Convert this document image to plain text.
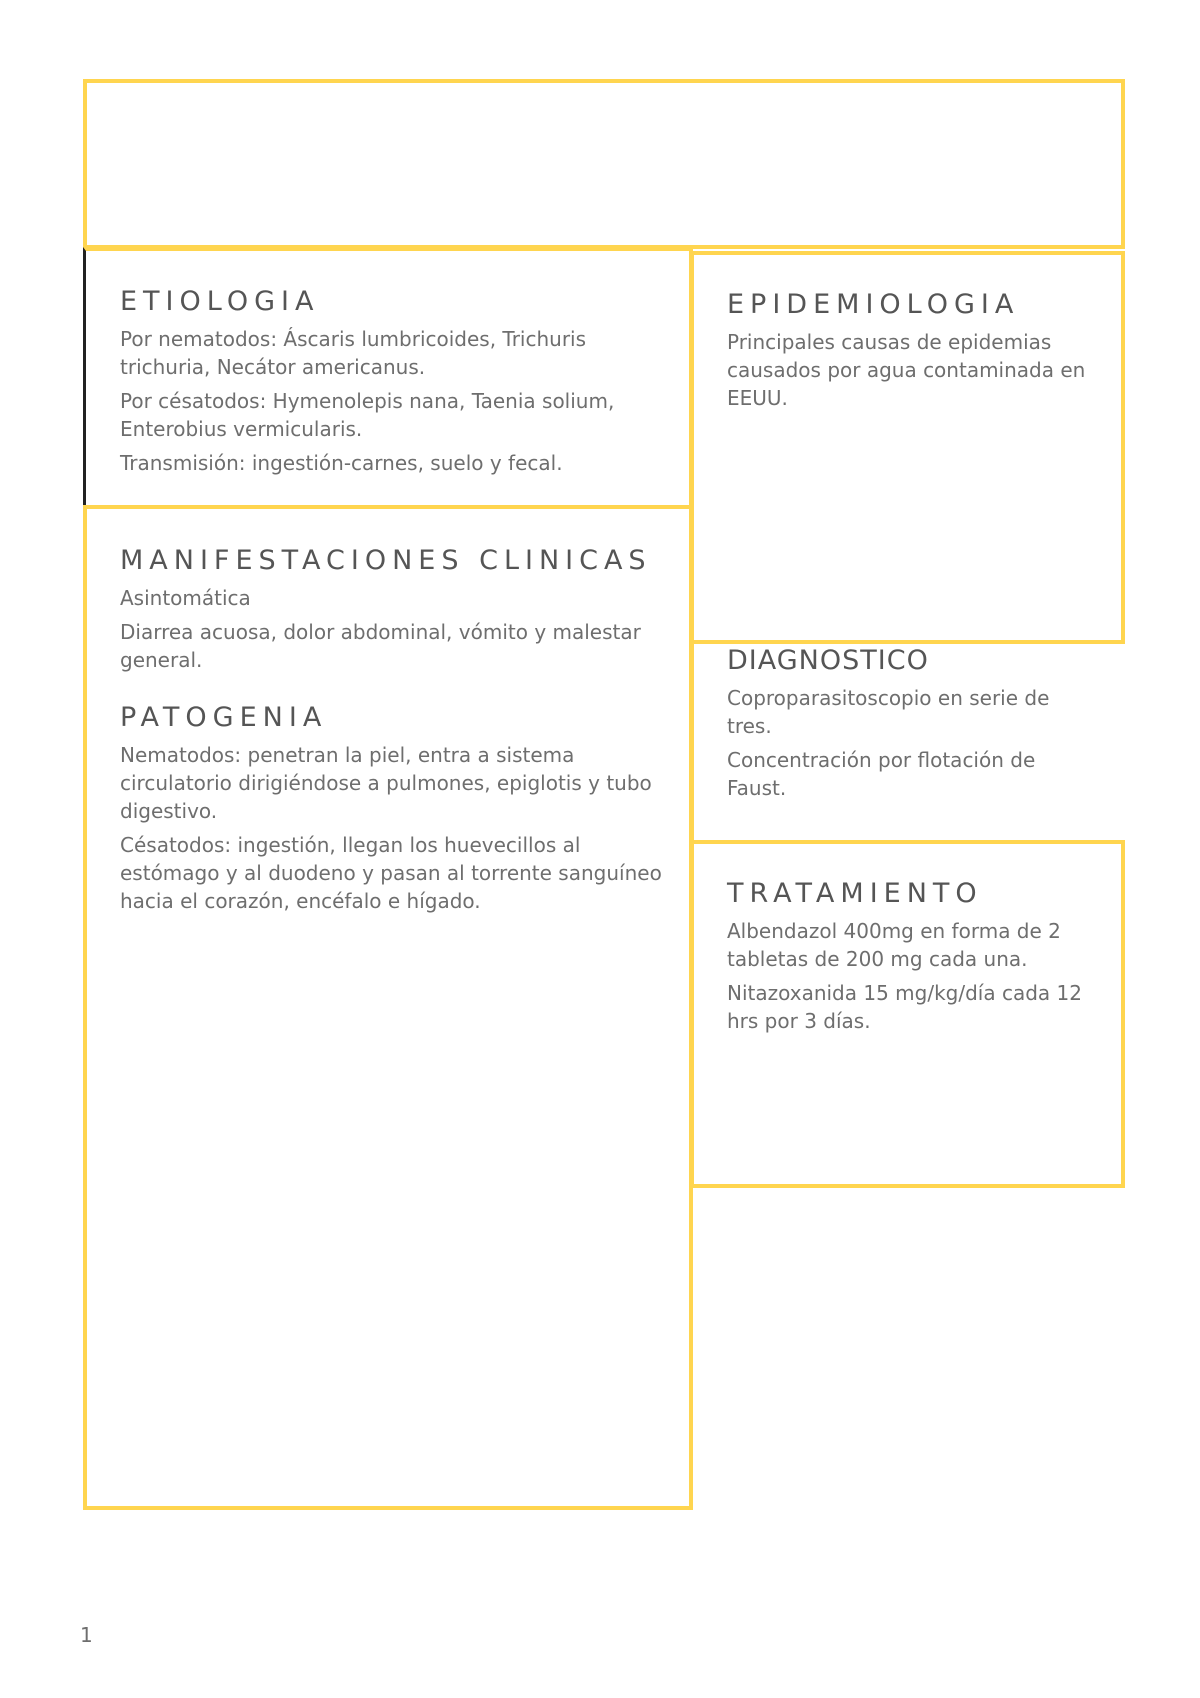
ETIOLOGIA

Por nematodos: Áscaris lumbricoides, Trichuris trichuria, Necátor americanus.

Por césatodos: Hymenolepis nana, Taenia solium, Enterobius vermicularis.

Transmisión: ingestión-carnes, suelo y fecal.

EPIDEMIOLOGIA

Principales causas de epidemias causados por agua contaminada en EEUU.

MANIFESTACIONES CLINICAS

Asintomática

Diarrea acuosa, dolor abdominal, vómito y malestar general.

PATOGENIA

Nematodos: penetran la piel, entra a sistema circulatorio dirigiéndose a pulmones, epiglotis y tubo digestivo.

Césatodos: ingestión, llegan los huevecillos al estómago y al duodeno y pasan al torrente sanguíneo hacia el corazón, encéfalo e hígado.

DIAGNOSTICO

Coproparasitoscopio en serie de tres.

Concentración por flotación de Faust.

TRATAMIENTO

Albendazol 400mg en forma de 2 tabletas de 200 mg cada una.

Nitazoxanida 15 mg/kg/día cada 12 hrs por 3 días.

1
